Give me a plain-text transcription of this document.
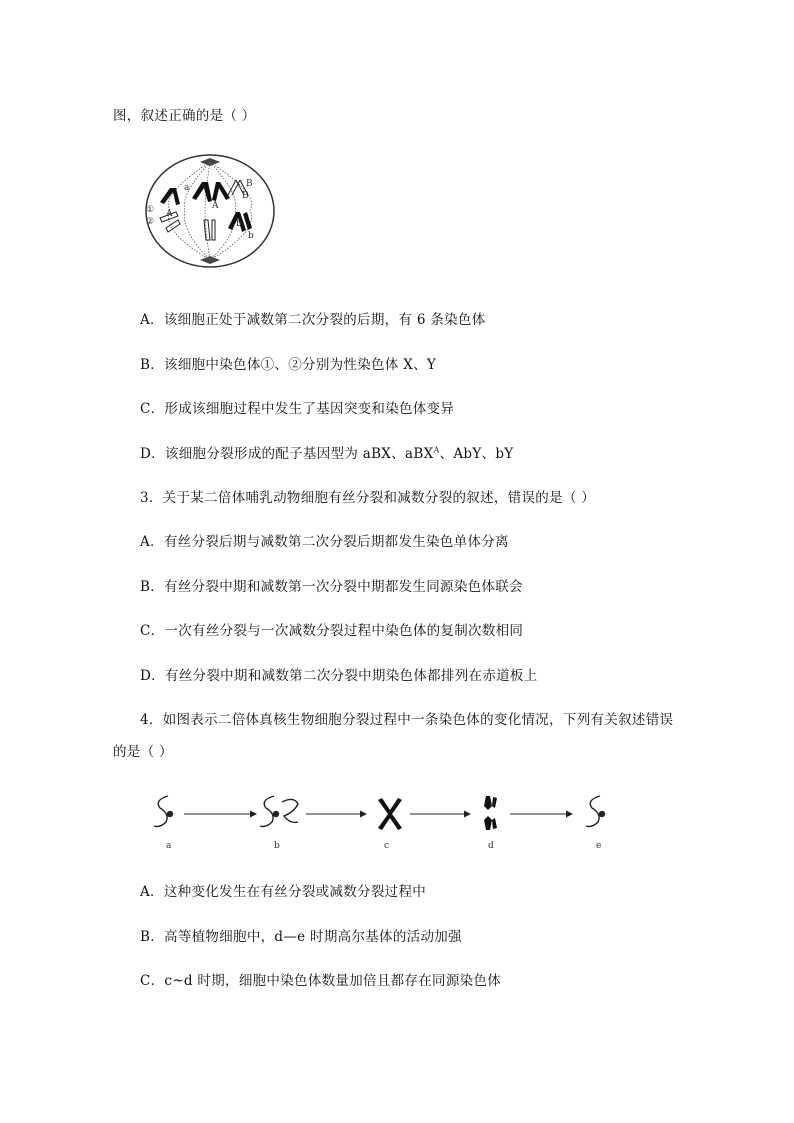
图，叙述正确的是（ ）
①
②
a
A
A
B
B
b
b
A．该细胞正处于减数第二次分裂的后期，有 6 条染色体
B．该细胞中染色体①、②分别为性染色体 X、Y
C．形成该细胞过程中发生了基因突变和染色体变异
D．该细胞分裂形成的配子基因型为 aBX、aBX$^A$、AbY、bY
3．关于某二倍体哺乳动物细胞有丝分裂和减数分裂的叙述，错误的是（ ）
A．有丝分裂后期与减数第二次分裂后期都发生染色单体分离
B．有丝分裂中期和减数第一次分裂中期都发生同源染色体联会
C．一次有丝分裂与一次减数分裂过程中染色体的复制次数相同
D．有丝分裂中期和减数第二次分裂中期染色体都排列在赤道板上
4．如图表示二倍体真核生物细胞分裂过程中一条染色体的变化情况，下列有关叙述错误
的是（ ）
a	b	c	d	e
A．这种变化发生在有丝分裂或减数分裂过程中
B．高等植物细胞中，d—e 时期高尔基体的活动加强
C．c~d 时期，细胞中染色体数量加倍且都存在同源染色体
